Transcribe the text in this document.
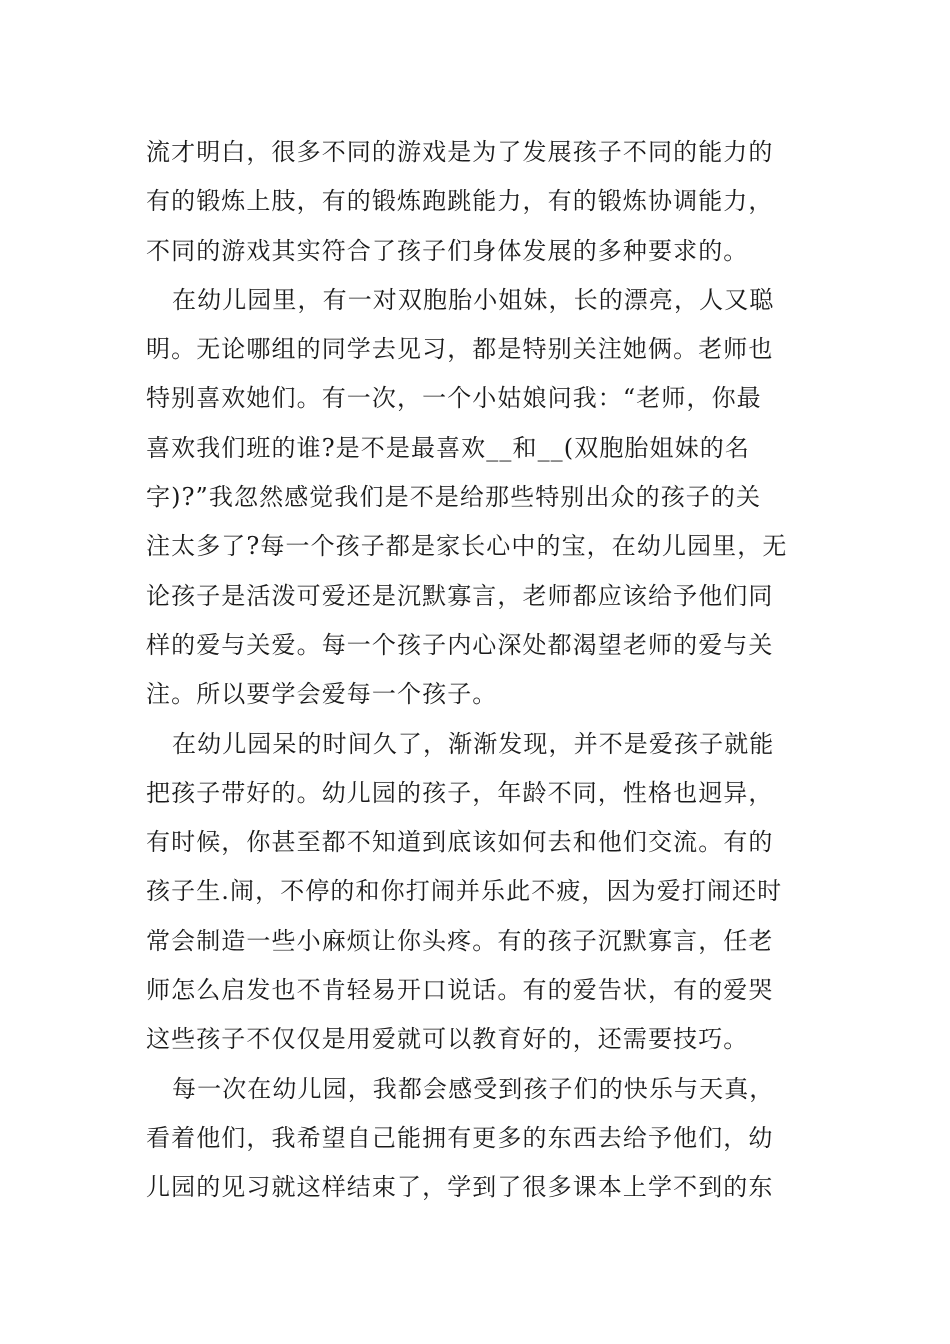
流才明白，很多不同的游戏是为了发展孩子不同的能力的
有的锻炼上肢，有的锻炼跑跳能力，有的锻炼协调能力，
不同的游戏其实符合了孩子们身体发展的多种要求的。
在幼儿园里，有一对双胞胎小姐妹，长的漂亮，人又聪
明。无论哪组的同学去见习，都是特别关注她俩。老师也
特别喜欢她们。有一次，一个小姑娘问我：“老师，你最
喜欢我们班的谁?是不是最喜欢__和__(双胞胎姐妹的名
字)?”我忽然感觉我们是不是给那些特别出众的孩子的关
注太多了?每一个孩子都是家长心中的宝，在幼儿园里，无
论孩子是活泼可爱还是沉默寡言，老师都应该给予他们同
样的爱与关爱。每一个孩子内心深处都渴望老师的爱与关
注。所以要学会爱每一个孩子。
在幼儿园呆的时间久了，渐渐发现，并不是爱孩子就能
把孩子带好的。幼儿园的孩子，年龄不同，性格也迥异，
有时候，你甚至都不知道到底该如何去和他们交流。有的
孩子生.闹，不停的和你打闹并乐此不疲，因为爱打闹还时
常会制造一些小麻烦让你头疼。有的孩子沉默寡言，任老
师怎么启发也不肯轻易开口说话。有的爱告状，有的爱哭
这些孩子不仅仅是用爱就可以教育好的，还需要技巧。
每一次在幼儿园，我都会感受到孩子们的快乐与天真，
看着他们，我希望自己能拥有更多的东西去给予他们，幼
儿园的见习就这样结束了，学到了很多课本上学不到的东
